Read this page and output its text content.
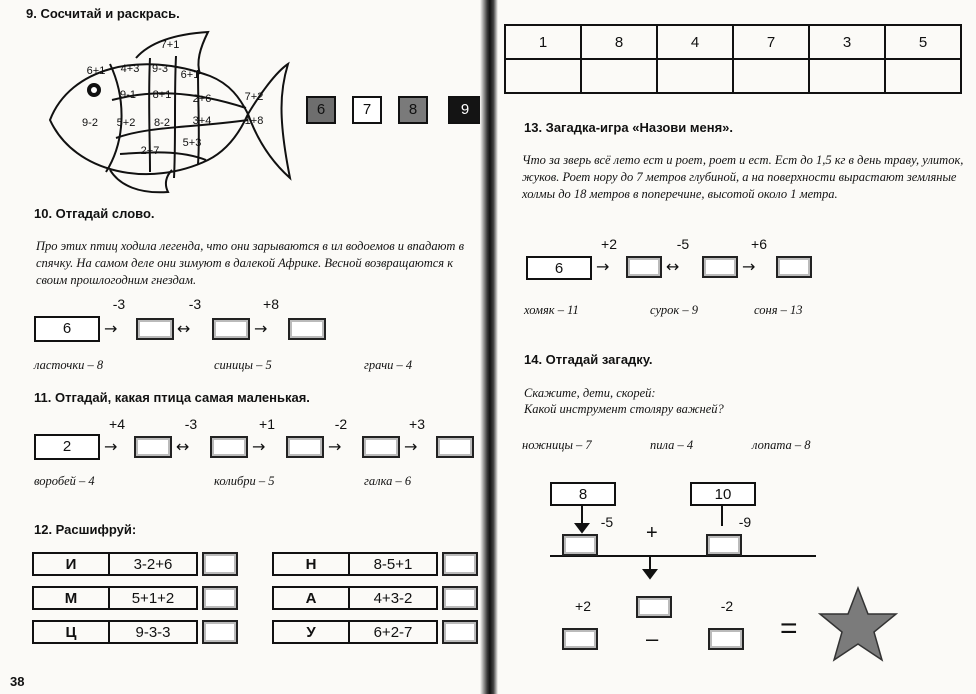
9. Сосчитай и раскрась.
7+1
6+1 4+3 9-3 6+1
9-1 8+1 2+6	7+2
9-2 5+2 8-2 3+4	1+8
2+7
5+3
6	7	8	9
10. Отгадай слово.
Про этих птиц ходила легенда, что они зарываются в ил водоемов и впадают в спячку. На самом деле они зимуют в далекой Африке. Весной возвращаются к своим прошлогодним гнездам.
6	→
-3
↔
-3
→
+8
ласточки – 8	синицы – 5	грачи – 4
11. Отгадай, какая птица самая маленькая.
2	→
+4
↔
-3
→
+1
→
-2
→
+3
воробей – 4	колибри – 5	галка – 6
12. Расшифруй:
И	3-2+6
М	5+1+2
Ц	9-3-3
Н	8-5+1
А	4+3-2
У	6+2-7
38
1	8	4	7	3	5

13. Загадка-игра «Назови меня».
Что за зверь всё лето ест и роет, роет и ест. Ест до 1,5 кг в день траву, улиток, жуков. Роет нору до 7 метров глубиной, а на поверхности вырастают земляные холмы до 18 метров в поперечине, высотой около 1 метра.
6	→
+2
↔
-5
→
+6
хомяк – 11	сурок – 9	соня – 13
14. Отгадай загадку.
Скажите, дети, скорей:
Какой инструмент столяру важней?
ножницы – 7	пила – 4	лопата – 8
8	10
-5	-9
+
+2	-2
–	=
